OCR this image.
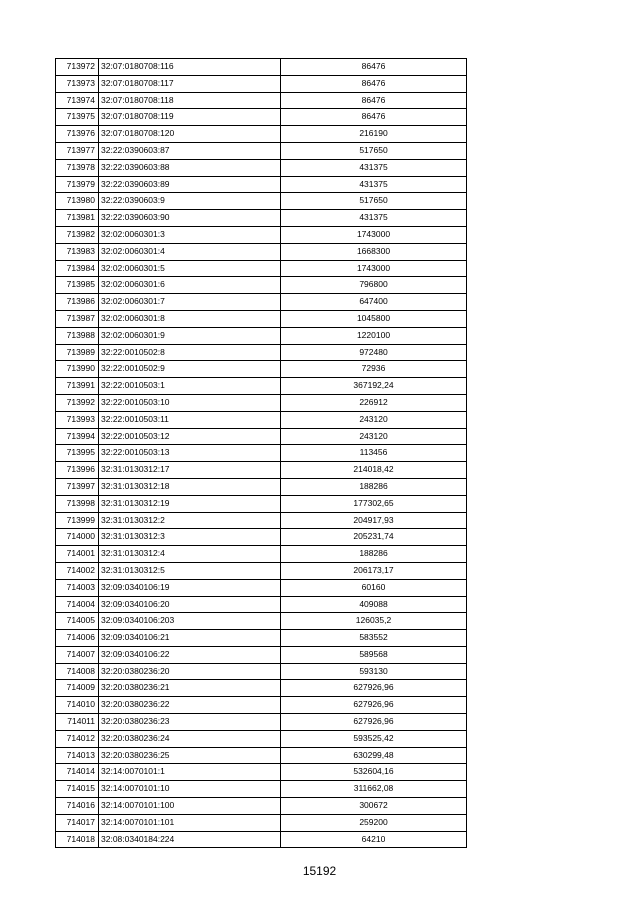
713972	32:07:0180708:116	86476
713973	32:07:0180708:117	86476
713974	32:07:0180708:118	86476
713975	32:07:0180708:119	86476
713976	32:07:0180708:120	216190
713977	32:22:0390603:87	517650
713978	32:22:0390603:88	431375
713979	32:22:0390603:89	431375
713980	32:22:0390603:9	517650
713981	32:22:0390603:90	431375
713982	32:02:0060301:3	1743000
713983	32:02:0060301:4	1668300
713984	32:02:0060301:5	1743000
713985	32:02:0060301:6	796800
713986	32:02:0060301:7	647400
713987	32:02:0060301:8	1045800
713988	32:02:0060301:9	1220100
713989	32:22:0010502:8	972480
713990	32:22:0010502:9	72936
713991	32:22:0010503:1	367192,24
713992	32:22:0010503:10	226912
713993	32:22:0010503:11	243120
713994	32:22:0010503:12	243120
713995	32:22:0010503:13	113456
713996	32:31:0130312:17	214018,42
713997	32:31:0130312:18	188286
713998	32:31:0130312:19	177302,65
713999	32:31:0130312:2	204917,93
714000	32:31:0130312:3	205231,74
714001	32:31:0130312:4	188286
714002	32:31:0130312:5	206173,17
714003	32:09:0340106:19	60160
714004	32:09:0340106:20	409088
714005	32:09:0340106:203	126035,2
714006	32:09:0340106:21	583552
714007	32:09:0340106:22	589568
714008	32:20:0380236:20	593130
714009	32:20:0380236:21	627926,96
714010	32:20:0380236:22	627926,96
714011	32:20:0380236:23	627926,96
714012	32:20:0380236:24	593525,42
714013	32:20:0380236:25	630299,48
714014	32:14:0070101:1	532604,16
714015	32:14:0070101:10	311662,08
714016	32:14:0070101:100	300672
714017	32:14:0070101:101	259200
714018	32:08:0340184:224	64210
15192
